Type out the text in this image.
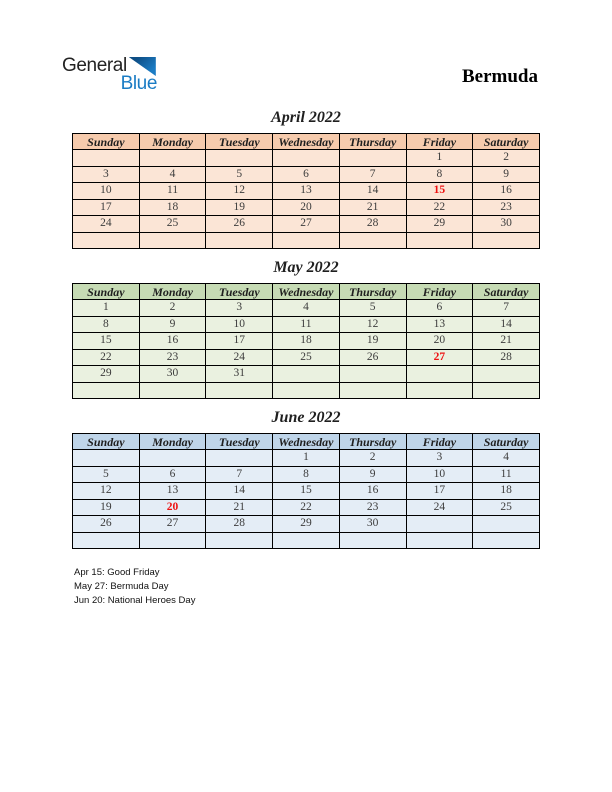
General
Blue	Bermuda
April 2022
Sunday	Monday	Tuesday	Wednesday	Thursday	Friday	Saturday
					1	2
3	4	5	6	7	8	9
10	11	12	13	14	15	16
17	18	19	20	21	22	23
24	25	26	27	28	29	30

May 2022
Sunday	Monday	Tuesday	Wednesday	Thursday	Friday	Saturday
1	2	3	4	5	6	7
8	9	10	11	12	13	14
15	16	17	18	19	20	21
22	23	24	25	26	27	28
29	30	31				

June 2022
Sunday	Monday	Tuesday	Wednesday	Thursday	Friday	Saturday
			1	2	3	4
5	6	7	8	9	10	11
12	13	14	15	16	17	18
19	20	21	22	23	24	25
26	27	28	29	30		

Apr 15: Good Friday
May 27: Bermuda Day
Jun 20: National Heroes Day
